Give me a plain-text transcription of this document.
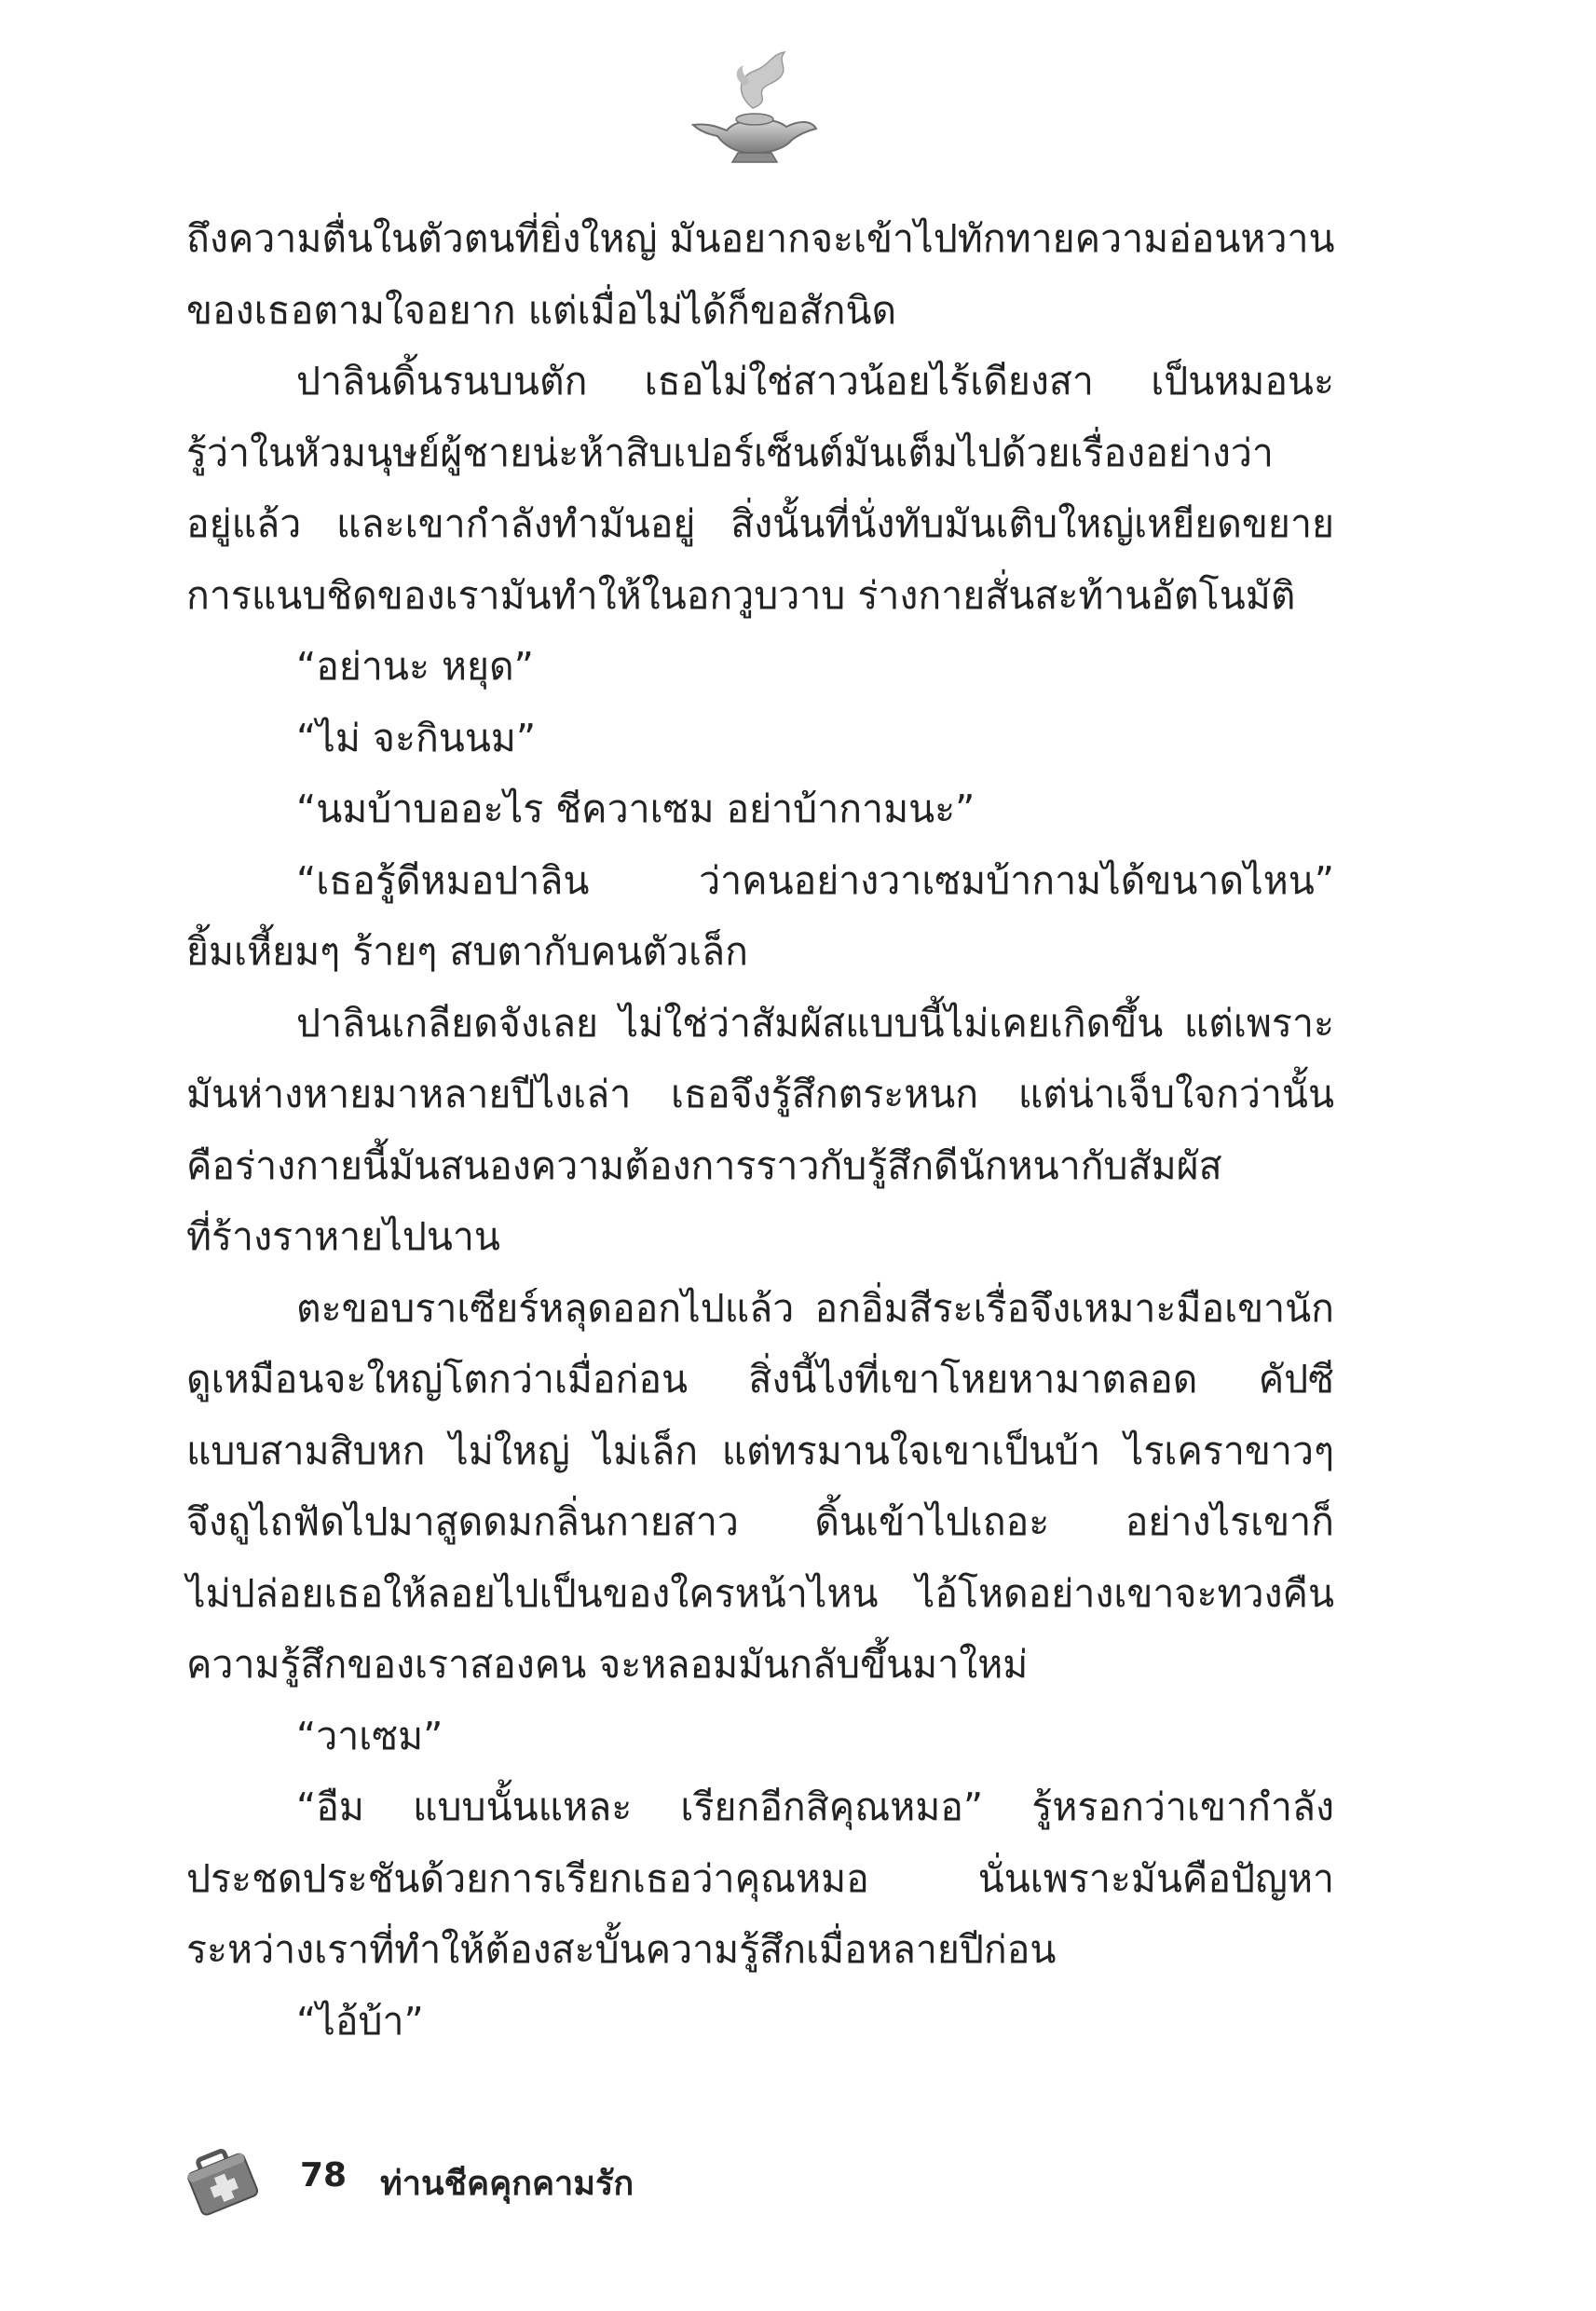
ถึงความตื่นในตัวตนที่ยิ่งใหญ่ มันอยากจะเข้าไปทักทายความอ่อนหวาน
ของเธอตามใจอยาก แต่เมื่อไม่ได้ก็ขอสักนิด
ปาลินดิ้นรนบนตัก เธอไม่ใช่สาวน้อยไร้เดียงสา เป็นหมอนะ
รู้ว่าในหัวมนุษย์ผู้ชายน่ะห้าสิบเปอร์เซ็นต์มันเต็มไปด้วยเรื่องอย่างว่า
อยู่แล้ว และเขากำลังทำมันอยู่ สิ่งนั้นที่นั่งทับมันเติบใหญ่เหยียดขยาย
การแนบชิดของเรามันทำให้ในอกวูบวาบ ร่างกายสั่นสะท้านอัตโนมัติ
“อย่านะ หยุด”
“ไม่ จะกินนม”
“นมบ้าบออะไร ชีควาเซม อย่าบ้ากามนะ”
“เธอรู้ดีหมอปาลิน ว่าคนอย่างวาเซมบ้ากามได้ขนาดไหน”
ยิ้มเหี้ยมๆ ร้ายๆ สบตากับคนตัวเล็ก
ปาลินเกลียดจังเลย ไม่ใช่ว่าสัมผัสแบบนี้ไม่เคยเกิดขึ้น แต่เพราะ
มันห่างหายมาหลายปีไงเล่า เธอจึงรู้สึกตระหนก แต่น่าเจ็บใจกว่านั้น
คือร่างกายนี้มันสนองความต้องการราวกับรู้สึกดีนักหนากับสัมผัส
ที่ร้างราหายไปนาน
ตะขอบราเซียร์หลุดออกไปแล้ว อกอิ่มสีระเรื่อจึงเหมาะมือเขานัก
ดูเหมือนจะใหญ่โตกว่าเมื่อก่อน สิ่งนี้ไงที่เขาโหยหามาตลอด คัปซี
แบบสามสิบหก ไม่ใหญ่ ไม่เล็ก แต่ทรมานใจเขาเป็นบ้า ไรเคราขาวๆ
จึงถูไถฟัดไปมาสูดดมกลิ่นกายสาว ดิ้นเข้าไปเถอะ อย่างไรเขาก็
ไม่ปล่อยเธอให้ลอยไปเป็นของใครหน้าไหน ไอ้โหดอย่างเขาจะทวงคืน
ความรู้สึกของเราสองคน จะหลอมมันกลับขึ้นมาใหม่
“วาเซม”
“อืม แบบนั้นแหละ เรียกอีกสิคุณหมอ” รู้หรอกว่าเขากำลัง
ประชดประชันด้วยการเรียกเธอว่าคุณหมอ นั่นเพราะมันคือปัญหา
ระหว่างเราที่ทำให้ต้องสะบั้นความรู้สึกเมื่อหลายปีก่อน
“ไอ้บ้า”
78 ท่านชีคคุกคามรัก
